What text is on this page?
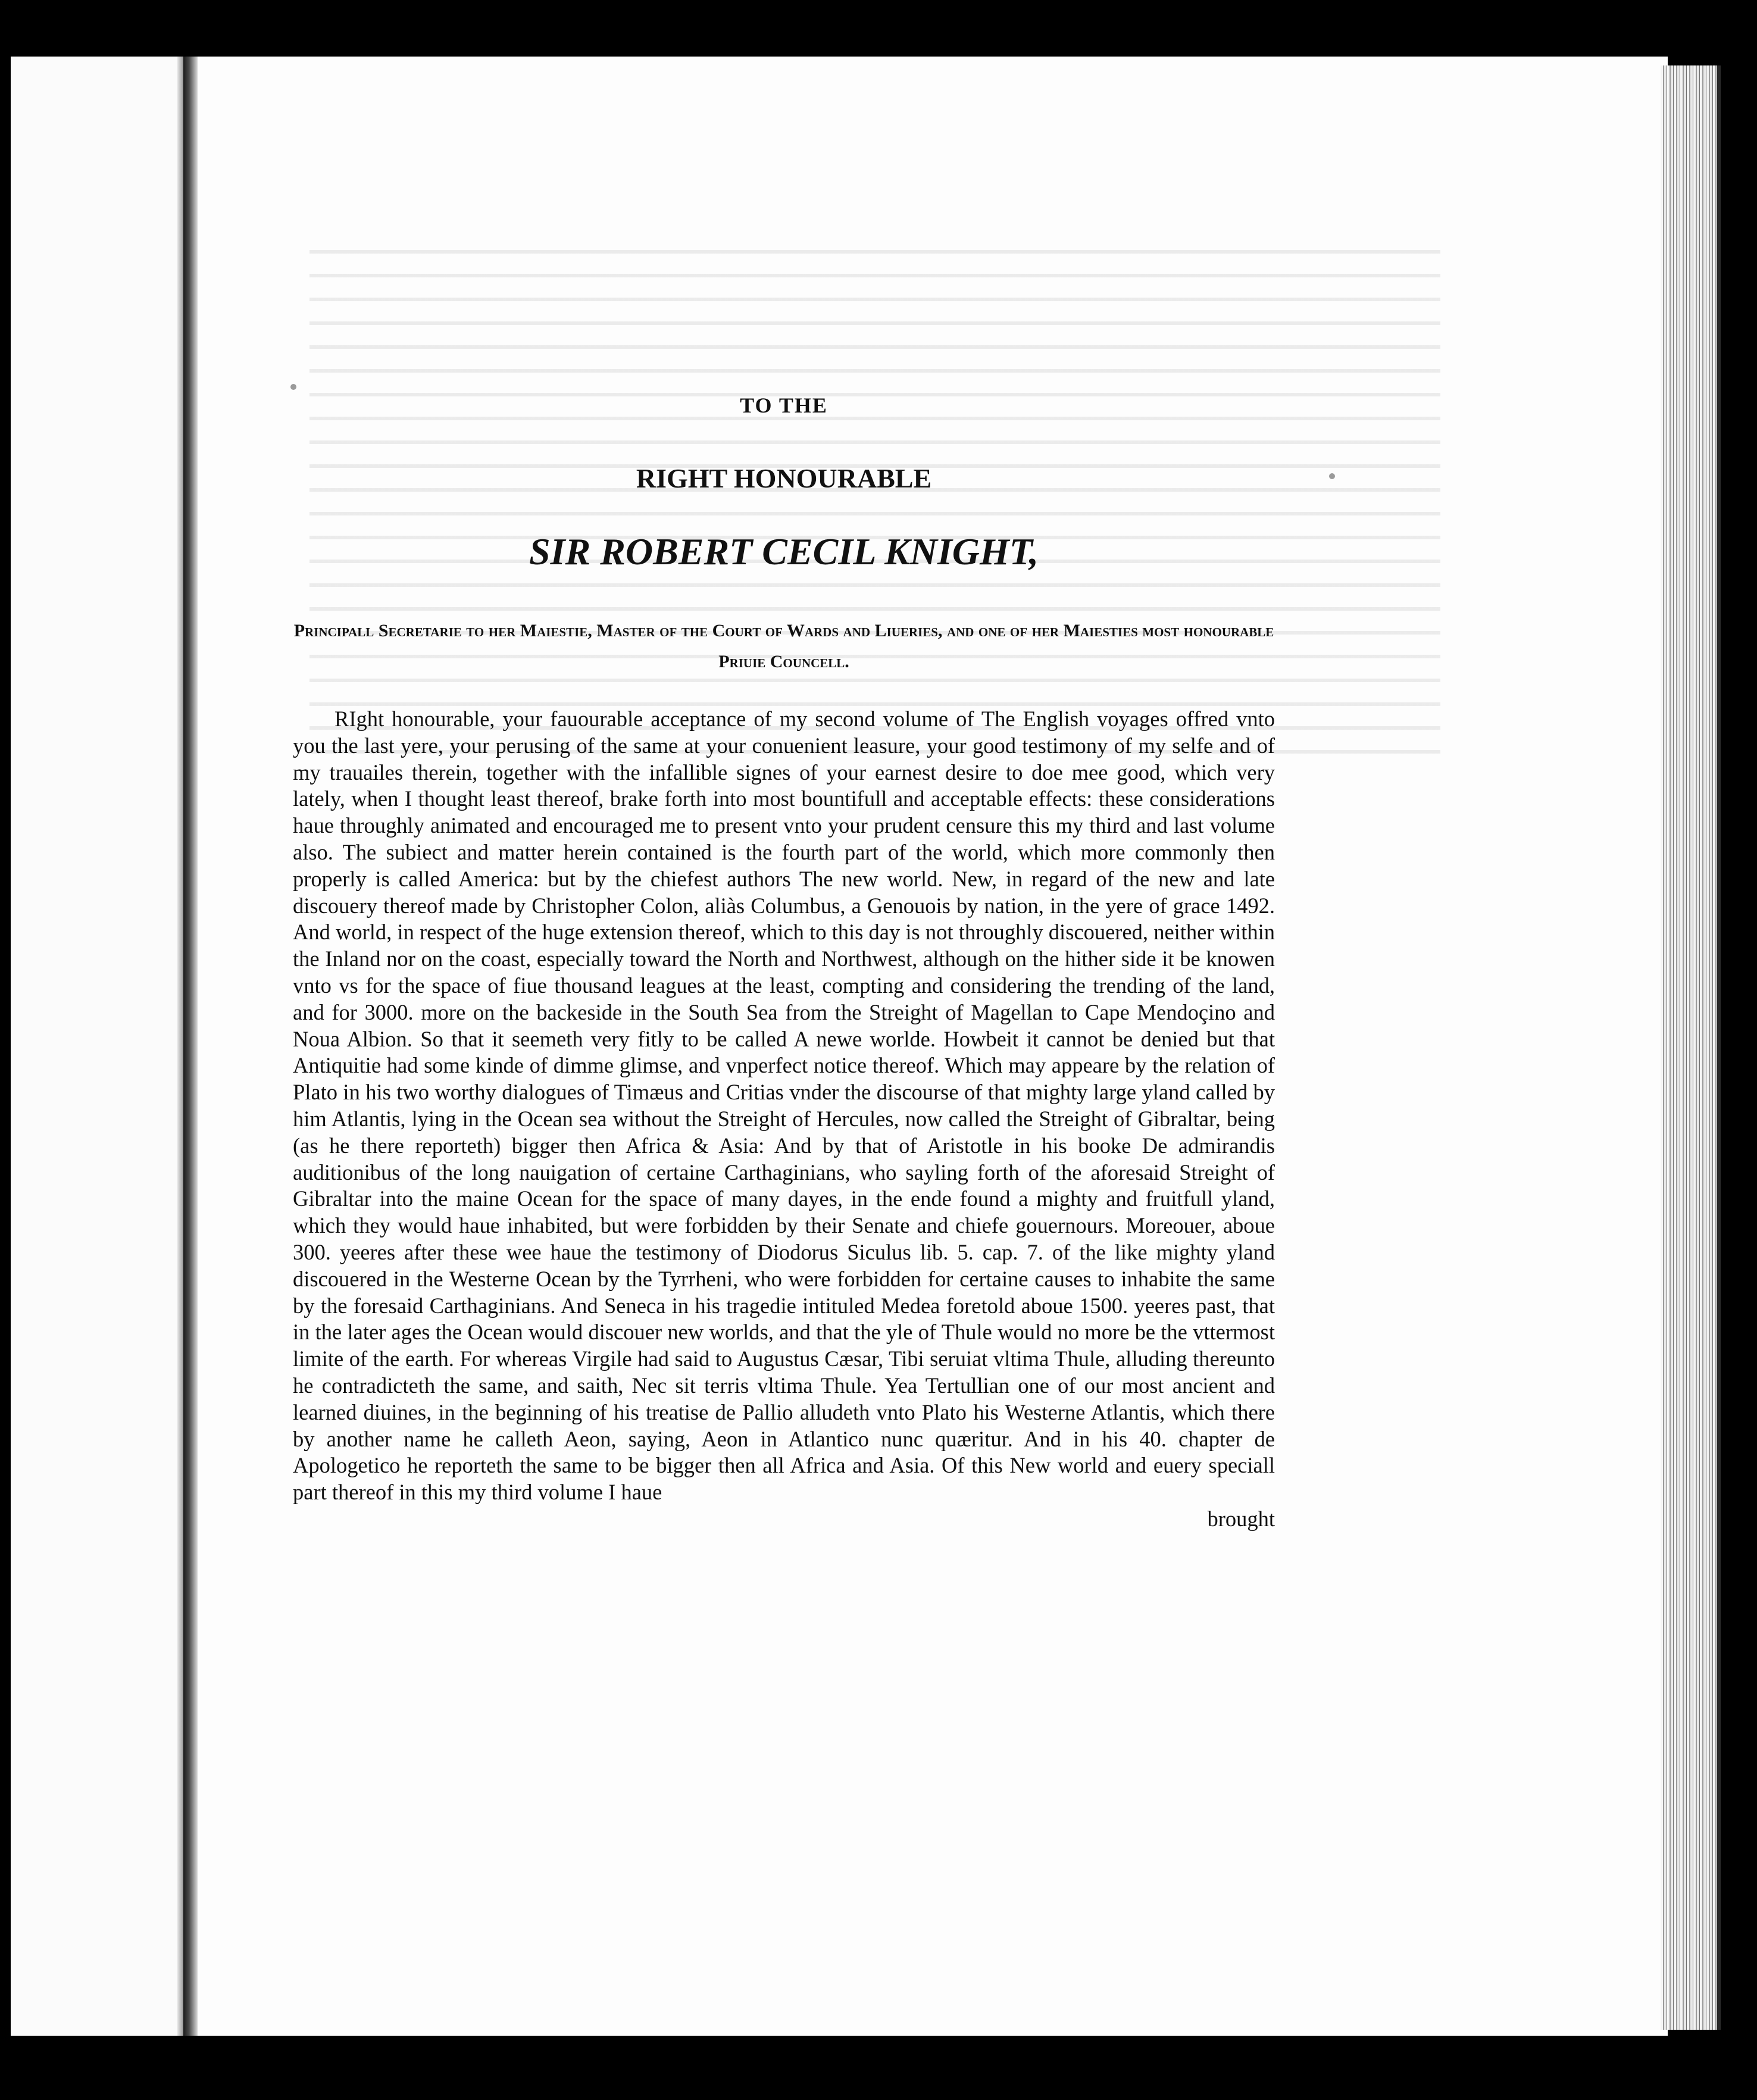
TO THE

RIGHT HONOURABLE

SIR ROBERT CECIL KNIGHT,

Principall Secretarie to her Maiestie, Master of the Court of Wards and Liueries, and one of her Maiesties most honourable Priuie Councell.

RIght honourable, your fauourable acceptance of my second volume of The English voyages offred vnto you the last yere, your perusing of the same at your conuenient leasure, your good testimony of my selfe and of my trauailes therein, together with the infallible signes of your earnest desire to doe mee good, which very lately, when I thought least thereof, brake forth into most bountifull and acceptable effects: these considerations haue throughly animated and encouraged me to present vnto your prudent censure this my third and last volume also. The subiect and matter herein contained is the fourth part of the world, which more commonly then properly is called America: but by the chiefest authors The new world. New, in regard of the new and late discouery thereof made by Christopher Colon, aliàs Columbus, a Genouois by nation, in the yere of grace 1492. And world, in respect of the huge extension thereof, which to this day is not throughly discouered, neither within the Inland nor on the coast, especially toward the North and Northwest, although on the hither side it be knowen vnto vs for the space of fiue thousand leagues at the least, compting and considering the trending of the land, and for 3000. more on the backeside in the South Sea from the Streight of Magellan to Cape Mendoçino and Noua Albion. So that it seemeth very fitly to be called A newe worlde. Howbeit it cannot be denied but that Antiquitie had some kinde of dimme glimse, and vnperfect notice thereof. Which may appeare by the relation of Plato in his two worthy dialogues of Timæus and Critias vnder the discourse of that mighty large yland called by him Atlantis, lying in the Ocean sea without the Streight of Hercules, now called the Streight of Gibraltar, being (as he there reporteth) bigger then Africa & Asia: And by that of Aristotle in his booke De admirandis auditionibus of the long nauigation of certaine Carthaginians, who sayling forth of the aforesaid Streight of Gibraltar into the maine Ocean for the space of many dayes, in the ende found a mighty and fruitfull yland, which they would haue inhabited, but were forbidden by their Senate and chiefe gouernours. Moreouer, aboue 300. yeeres after these wee haue the testimony of Diodorus Siculus lib. 5. cap. 7. of the like mighty yland discouered in the Westerne Ocean by the Tyrrheni, who were forbidden for certaine causes to inhabite the same by the foresaid Carthaginians. And Seneca in his tragedie intituled Medea foretold aboue 1500. yeeres past, that in the later ages the Ocean would discouer new worlds, and that the yle of Thule would no more be the vttermost limite of the earth. For whereas Virgile had said to Augustus Cæsar, Tibi seruiat vltima Thule, alluding thereunto he contradicteth the same, and saith, Nec sit terris vltima Thule. Yea Tertullian one of our most ancient and learned diuines, in the beginning of his treatise de Pallio alludeth vnto Plato his Westerne Atlantis, which there by another name he calleth Aeon, saying, Aeon in Atlantico nunc quæritur. And in his 40. chapter de Apologetico he reporteth the same to be bigger then all Africa and Asia. Of this New world and euery speciall part thereof in this my third volume I haue

brought
